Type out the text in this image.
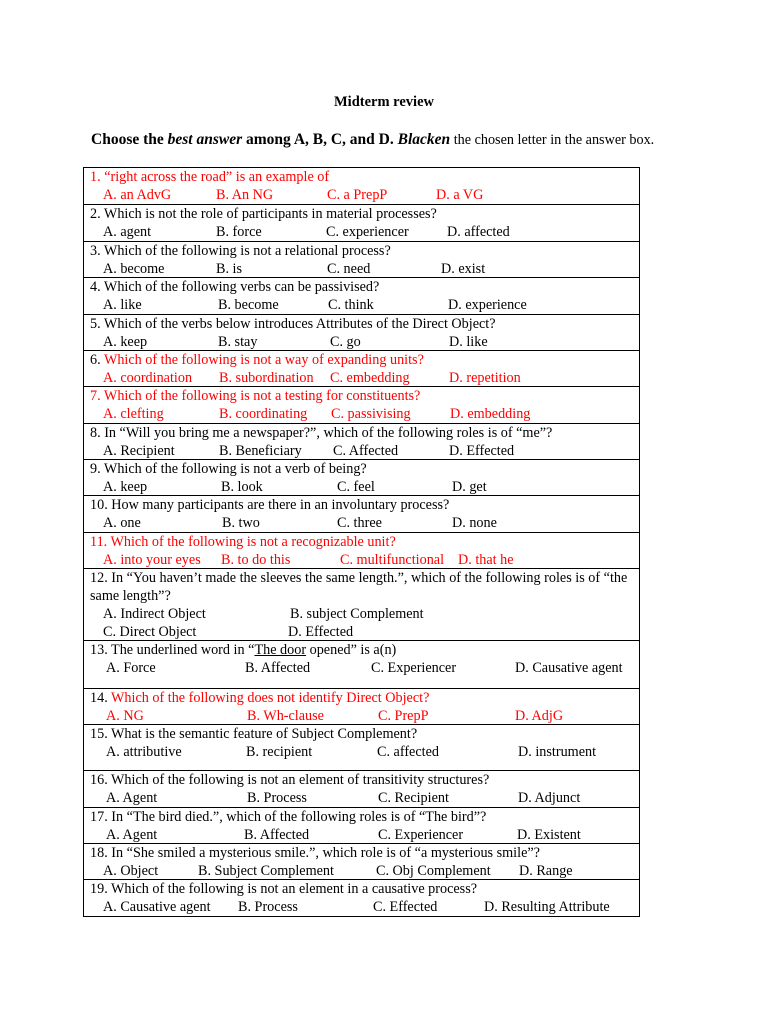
Midterm review
Choose the best answer among A, B, C, and D. Blacken the chosen letter in the answer box.
1. “right across the road” is an example of
A. an AdvG	B. An NG	C. a PrepP	D. a VG
2. Which is not the role of participants in material processes?
A. agent	B. force	C. experiencer	D. affected
3. Which of the following is not a relational process?
A. become	B. is	C. need	D. exist
4. Which of the following verbs can be passivised?
A. like	B. become	C. think	D. experience
5. Which of the verbs below introduces Attributes of the Direct Object?
A. keep	B. stay	C. go	D. like
6. Which of the following is not a way of expanding units?
A. coordination B. subordination C. embedding	D. repetition
7. Which of the following is not a testing for constituents?
A. clefting	B. coordinating C. passivising	D. embedding
8. In “Will you bring me a newspaper?”, which of the following roles is of “me”?
A. Recipient	B. Beneficiary C. Affected	D. Effected
9. Which of the following is not a verb of being?
A. keep	B. look	C. feel	D. get
10. How many participants are there in an involuntary process?
A. one	B. two	C. three	D. none
11. Which of the following is not a recognizable unit?
A. into your eyes B. to do this	C. multifunctional D. that he
12. In “You haven’t made the sleeves the same length.”, which of the following roles is of “the same length”?
A. Indirect Object	B. subject Complement
C. Direct Object	D. Effected
13. The underlined word in “The door opened” is a(n)
A. Force	B. Affected	C. Experiencer	D. Causative agent
14. Which of the following does not identify Direct Object?
A. NG	B. Wh-clause	C. PrepP	D. AdjG
15. What is the semantic feature of Subject Complement?
A. attributive	B. recipient	C. affected	D. instrument
16. Which of the following is not an element of transitivity structures?
A. Agent	B. Process	C. Recipient	D. Adjunct
17. In “The bird died.”, which of the following roles is of “The bird”?
A. Agent	B. Affected	C. Experiencer	D. Existent
18. In “She smiled a mysterious smile.”, which role is of “a mysterious smile”?
A. Object	B. Subject Complement	C. Obj Complement D. Range
19. Which of the following is not an element in a causative process?
A. Causative agent B. Process	C. Effected	D. Resulting Attribute
